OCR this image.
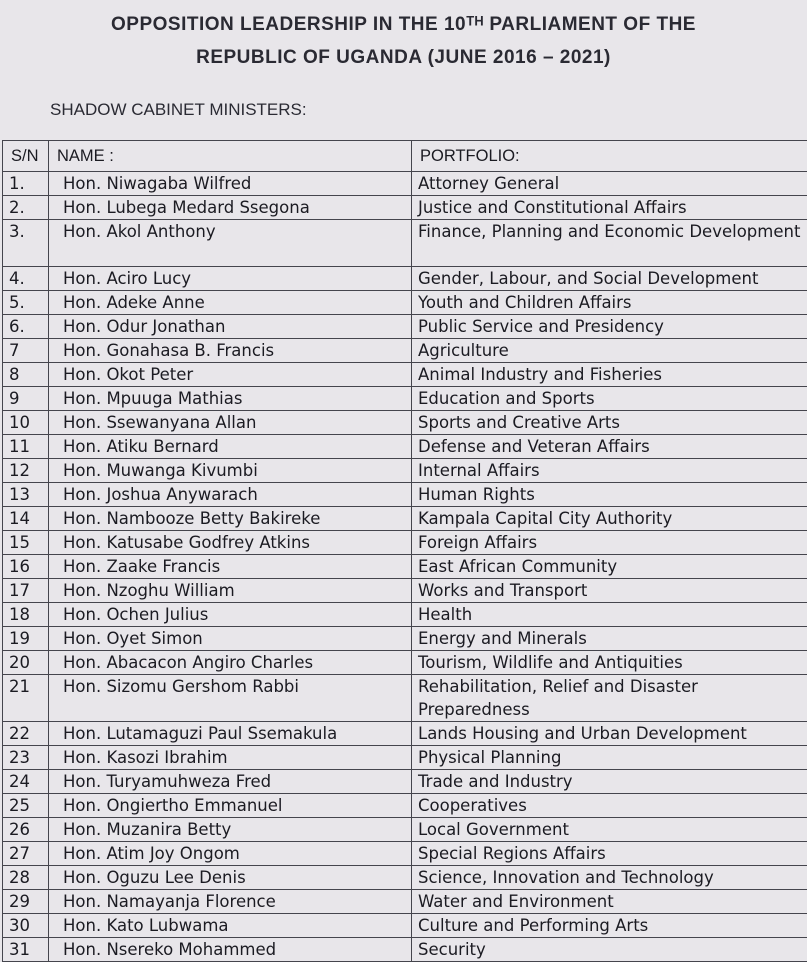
OPPOSITION LEADERSHIP IN THE 10ᵀᴴ PARLIAMENT OF THE
REPUBLIC OF UGANDA (JUNE 2016 – 2021)
SHADOW CABINET MINISTERS:
S/N	NAME :	PORTFOLIO:
1.	Hon. Niwagaba Wilfred	Attorney General
2.	Hon. Lubega Medard Ssegona	Justice and Constitutional Affairs
3.	Hon. Akol Anthony	Finance, Planning and Economic Development
4.	Hon. Aciro Lucy	Gender, Labour, and Social Development
5.	Hon. Adeke Anne	Youth and Children Affairs
6.	Hon. Odur Jonathan	Public Service and Presidency
7	Hon. Gonahasa B. Francis	Agriculture
8	Hon. Okot Peter	Animal Industry and Fisheries
9	Hon. Mpuuga Mathias	Education and Sports
10	Hon. Ssewanyana Allan	Sports and Creative Arts
11	Hon. Atiku Bernard	Defense and Veteran Affairs
12	Hon. Muwanga Kivumbi	Internal Affairs
13	Hon. Joshua Anywarach	Human Rights
14	Hon. Nambooze Betty Bakireke	Kampala Capital City Authority
15	Hon. Katusabe Godfrey Atkins	Foreign Affairs
16	Hon. Zaake Francis	East African Community
17	Hon. Nzoghu William	Works and Transport
18	Hon. Ochen Julius	Health
19	Hon. Oyet Simon	Energy and Minerals
20	Hon. Abacacon Angiro Charles	Tourism, Wildlife and Antiquities
21	Hon. Sizomu Gershom Rabbi	Rehabilitation, Relief and Disaster Preparedness
22	Hon. Lutamaguzi Paul Ssemakula	Lands Housing and Urban Development
23	Hon. Kasozi Ibrahim	Physical Planning
24	Hon. Turyamuhweza Fred	Trade and Industry
25	Hon. Ongiertho Emmanuel	Cooperatives
26	Hon. Muzanira Betty	Local Government
27	Hon. Atim Joy Ongom	Special Regions Affairs
28	Hon. Oguzu Lee Denis	Science, Innovation and Technology
29	Hon. Namayanja Florence	Water and Environment
30	Hon. Kato Lubwama	Culture and Performing Arts
31	Hon. Nsereko Mohammed	Security
